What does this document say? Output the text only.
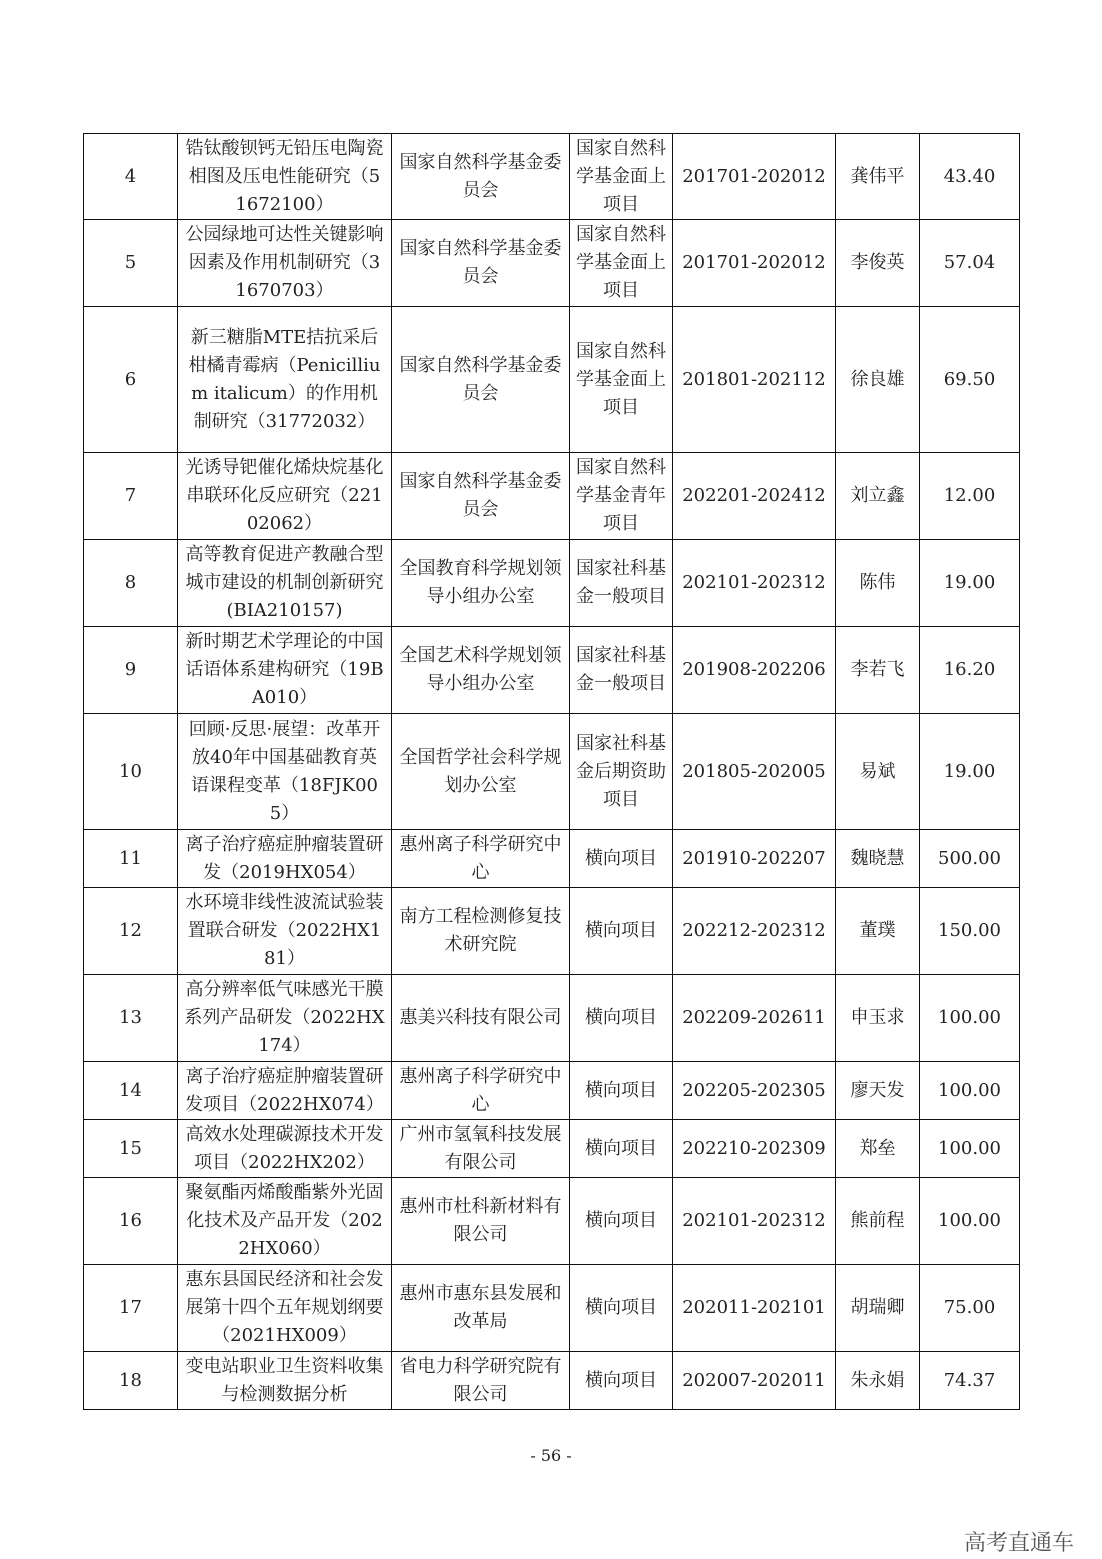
4	锆钛酸钡钙无铅压电陶瓷相图及压电性能研究（51672100）	国家自然科学基金委员会	国家自然科学基金面上项目	201701-202012	龚伟平	43.40
5	公园绿地可达性关键影响因素及作用机制研究（31670703）	国家自然科学基金委员会	国家自然科学基金面上项目	201701-202012	李俊英	57.04
6	新三糖脂MTE拮抗采后柑橘青霉病（Penicillium italicum）的作用机制研究（31772032）	国家自然科学基金委员会	国家自然科学基金面上项目	201801-202112	徐良雄	69.50
7	光诱导钯催化烯炔烷基化串联环化反应研究（22102062）	国家自然科学基金委员会	国家自然科学基金青年项目	202201-202412	刘立鑫	12.00
8	高等教育促进产教融合型城市建设的机制创新研究(BIA210157)	全国教育科学规划领导小组办公室	国家社科基金一般项目	202101-202312	陈伟	19.00
9	新时期艺术学理论的中国话语体系建构研究（19BA010）	全国艺术科学规划领导小组办公室	国家社科基金一般项目	201908-202206	李若飞	16.20
10	回顾·反思·展望：改革开放40年中国基础教育英语课程变革（18FJK005）	全国哲学社会科学规划办公室	国家社科基金后期资助项目	201805-202005	易斌	19.00
11	离子治疗癌症肿瘤装置研发（2019HX054）	惠州离子科学研究中心	横向项目	201910-202207	魏晓慧	500.00
12	水环境非线性波流试验装置联合研发（2022HX181）	南方工程检测修复技术研究院	横向项目	202212-202312	董璞	150.00
13	高分辨率低气味感光干膜系列产品研发（2022HX174）	惠美兴科技有限公司	横向项目	202209-202611	申玉求	100.00
14	离子治疗癌症肿瘤装置研发项目（2022HX074）	惠州离子科学研究中心	横向项目	202205-202305	廖天发	100.00
15	高效水处理碳源技术开发项目（2022HX202）	广州市氢氧科技发展有限公司	横向项目	202210-202309	郑垒	100.00
16	聚氨酯丙烯酸酯紫外光固化技术及产品开发（2022HX060）	惠州市杜科新材料有限公司	横向项目	202101-202312	熊前程	100.00
17	惠东县国民经济和社会发展第十四个五年规划纲要（2021HX009）	惠州市惠东县发展和改革局	横向项目	202011-202101	胡瑞卿	75.00
18	变电站职业卫生资料收集与检测数据分析	省电力科学研究院有限公司	横向项目	202007-202011	朱永娟	74.37
- 56 -
高考直通车
